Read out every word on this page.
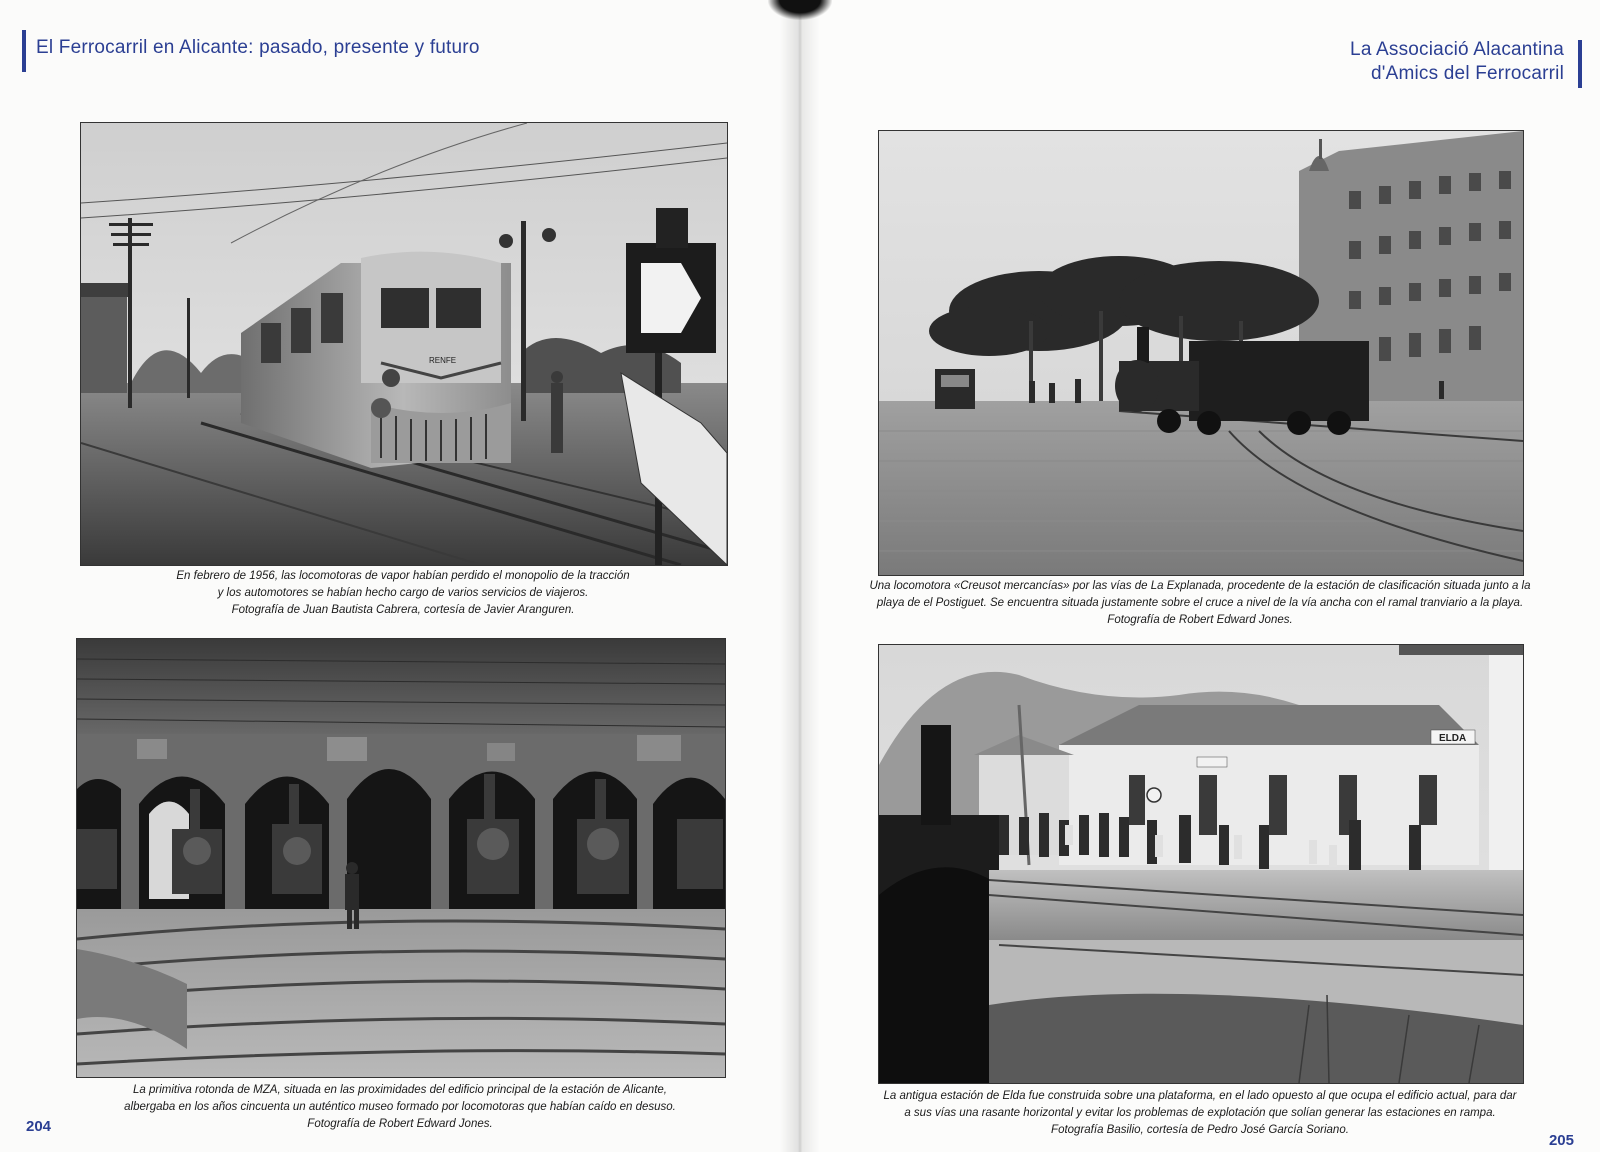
El Ferrocarril en Alicante: pasado, presente y futuro
RENFE
En febrero de 1956, las locomotoras de vapor habían perdido el monopolio de la tracción
y los automotores se habían hecho cargo de varios servicios de viajeros.
Fotografía de Juan Bautista Cabrera, cortesía de Javier Aranguren.
La primitiva rotonda de MZA, situada en las proximidades del edificio principal de la estación de Alicante,
albergaba en los años cincuenta un auténtico museo formado por locomotoras que habían caído en desuso.
Fotografía de Robert Edward Jones.
204
La Associació Alacantina
d'Amics del Ferrocarril
Una locomotora «Creusot mercancías» por las vías de La Explanada, procedente de la estación de clasificación situada junto a la
playa de el Postiguet. Se encuentra situada justamente sobre el cruce a nivel de la vía ancha con el ramal tranviario a la playa.
Fotografía de Robert Edward Jones.
ELDA
La antigua estación de Elda fue construida sobre una plataforma, en el lado opuesto al que ocupa el edificio actual, para dar
a sus vías una rasante horizontal y evitar los problemas de explotación que solían generar las estaciones en rampa.
Fotografía Basilio, cortesía de Pedro José García Soriano.
205
